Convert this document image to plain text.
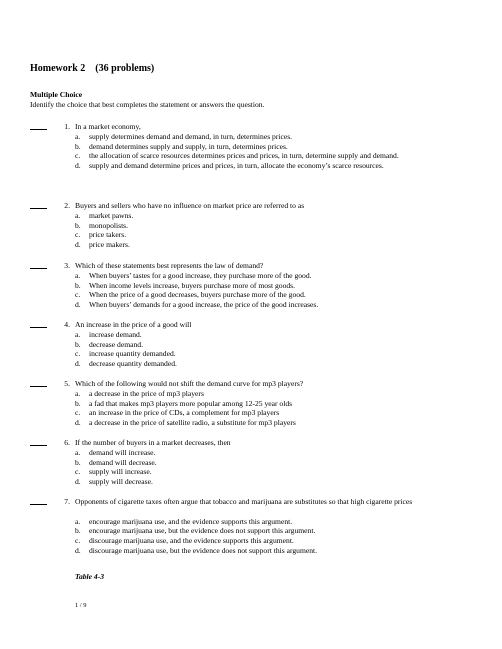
Homework 2　(36 problems)
Multiple Choice
Identify the choice that best completes the statement or answers the question.
1. In a market economy,
a. supply determines demand and demand, in turn, determines prices.
b. demand determines supply and supply, in turn, determines prices.
c. the allocation of scarce resources determines prices and prices, in turn, determine supply and demand.
d. supply and demand determine prices and prices, in turn, allocate the economy’s scarce resources.
2. Buyers and sellers who have no influence on market price are referred to as
a. market pawns.
b. monopolists.
c. price takers.
d. price makers.
3. Which of these statements best represents the law of demand?
a. When buyers’ tastes for a good increase, they purchase more of the good.
b. When income levels increase, buyers purchase more of most goods.
c. When the price of a good decreases, buyers purchase more of the good.
d. When buyers’ demands for a good increase, the price of the good increases.
4. An increase in the price of a good will
a. increase demand.
b. decrease demand.
c. increase quantity demanded.
d. decrease quantity demanded.
5. Which of the following would not shift the demand curve for mp3 players?
a. a decrease in the price of mp3 players
b. a fad that makes mp3 players more popular among 12-25 year olds
c. an increase in the price of CDs, a complement for mp3 players
d. a decrease in the price of satellite radio, a substitute for mp3 players
6. If the number of buyers in a market decreases, then
a. demand will increase.
b. demand will decrease.
c. supply will increase.
d. supply will decrease.
7. Opponents of cigarette taxes often argue that tobacco and marijuana are substitutes so that high cigarette prices
a. encourage marijuana use, and the evidence supports this argument.
b. encourage marijuana use, but the evidence does not support this argument.
c. discourage marijuana use, and the evidence supports this argument.
d. discourage marijuana use, but the evidence does not support this argument.
Table 4-3
1 / 9
